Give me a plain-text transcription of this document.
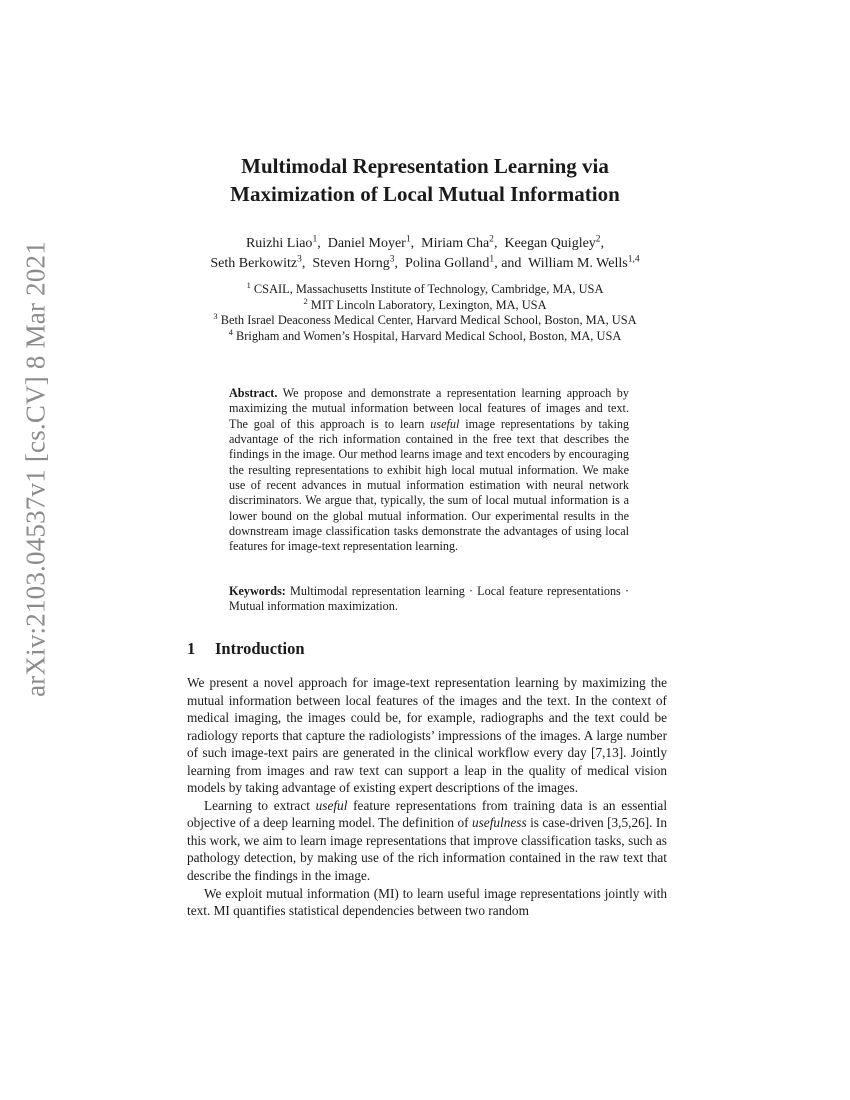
arXiv:2103.04537v1 [cs.CV] 8 Mar 2021
Multimodal Representation Learning via
Maximization of Local Mutual Information
Ruizhi Liao$^1$,  Daniel Moyer$^1$,  Miriam Cha$^2$,  Keegan Quigley$^2$,
Seth Berkowitz$^3$,  Steven Horng$^3$,  Polina Golland$^1$, and  William M. Wells$^{1,4}$
$^1$ CSAIL, Massachusetts Institute of Technology, Cambridge, MA, USA
$^2$ MIT Lincoln Laboratory, Lexington, MA, USA
$^3$ Beth Israel Deaconess Medical Center, Harvard Medical School, Boston, MA, USA
$^4$ Brigham and Women’s Hospital, Harvard Medical School, Boston, MA, USA

Abstract. We propose and demonstrate a representation learning approach by maximizing the mutual information between local features of images and text. The goal of this approach is to learn useful image representations by taking advantage of the rich information contained in the free text that describes the findings in the image. Our method learns image and text encoders by encouraging the resulting representations to exhibit high local mutual information. We make use of recent advances in mutual information estimation with neural network discriminators. We argue that, typically, the sum of local mutual information is a lower bound on the global mutual information. Our experimental results in the downstream image classification tasks demonstrate the advantages of using local features for image-text representation learning.

Keywords: Multimodal representation learning · Local feature representations · Mutual information maximization.

1 Introduction

We present a novel approach for image-text representation learning by maximizing the mutual information between local features of the images and the text. In the context of medical imaging, the images could be, for example, radiographs and the text could be radiology reports that capture the radiologists’ impressions of the images. A large number of such image-text pairs are generated in the clinical workflow every day [7,13]. Jointly learning from images and raw text can support a leap in the quality of medical vision models by taking advantage of existing expert descriptions of the images.

Learning to extract useful feature representations from training data is an essential objective of a deep learning model. The definition of usefulness is case-driven [3,5,26]. In this work, we aim to learn image representations that improve classification tasks, such as pathology detection, by making use of the rich information contained in the raw text that describe the findings in the image.

We exploit mutual information (MI) to learn useful image representations jointly with text. MI quantifies statistical dependencies between two random
